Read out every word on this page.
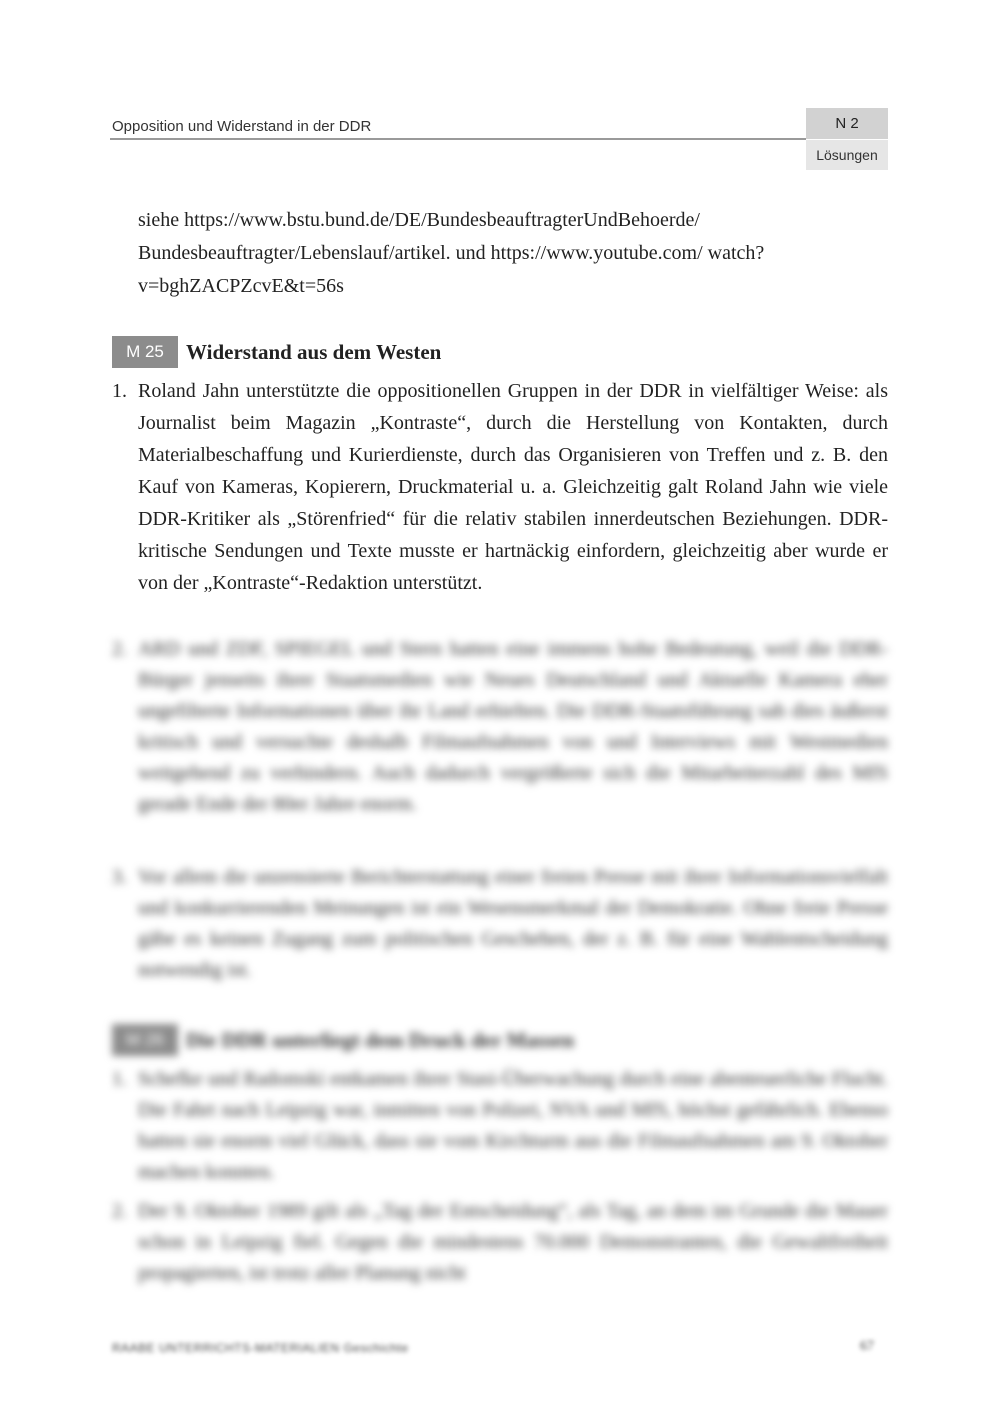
Opposition und Widerstand in der DDR	N 2
Lösungen

siehe https://www.bstu.bund.de/DE/BundesbeauftragterUndBehoerde/ Bundesbeauftragter/Lebenslauf/artikel. und https://www.youtube.com/ watch?v=bghZACPZcvE&t=56s

M 25	Widerstand aus dem Westen
1. Roland Jahn unterstützte die oppositionellen Gruppen in der DDR in vielfältiger Weise: als Journalist beim Magazin „Kontraste“, durch die Herstellung von Kontakten, durch Materialbeschaffung und Kurierdienste, durch das Organisieren von Treffen und z. B. den Kauf von Kameras, Kopierern, Druckmaterial u. a. Gleichzeitig galt Roland Jahn wie viele DDR-Kritiker als „Störenfried“ für die relativ stabilen innerdeutschen Beziehungen. DDR-kritische Sendungen und Texte musste er hartnäckig einfordern, gleichzeitig aber wurde er von der „Kontraste“-Redaktion unterstützt.

2. ARD und ZDF, SPIEGEL und Stern hatten eine immens hohe Bedeutung, weil die DDR-Bürger jenseits ihrer Staatsmedien wie Neues Deutschland und Aktuelle Kamera eher ungefilterte Informationen über ihr Land erhielten. Die DDR-Staatsführung sah dies äußerst kritisch und versuchte deshalb Filmaufnahmen von und Interviews mit Westmedien weitgehend zu verhindern. Auch dadurch vergrößerte sich die Mitarbeiterzahl des MfS gerade Ende der 80er Jahre enorm.

3. Vor allem die unzensierte Berichterstattung einer freien Presse mit ihrer Informationsvielfalt und konkurrierenden Meinungen ist ein Wesensmerkmal der Demokratie. Ohne freie Presse gäbe es keinen Zugang zum politischen Geschehen, der z. B. für eine Wahlentscheidung notwendig ist.

M 26	Die DDR unterliegt dem Druck der Massen
1. Schefke und Radomski entkamen ihrer Stasi-Überwachung durch eine abenteuerliche Flucht. Die Fahrt nach Leipzig war, inmitten von Polizei, NVA und MfS, höchst gefährlich. Ebenso hatten sie enorm viel Glück, dass sie vom Kirchturm aus die Filmaufnahmen am 9. Oktober machen konnten.

2. Der 9. Oktober 1989 gilt als „Tag der Entscheidung“, als Tag, an dem im Grunde die Mauer schon in Leipzig fiel. Gegen die mindestens 70.000 Demonstranten, die Gewaltfreiheit propagierten, ist trotz aller Planung nicht

RAABE UNTERRICHTS-MATERIALIEN Geschichte	67
